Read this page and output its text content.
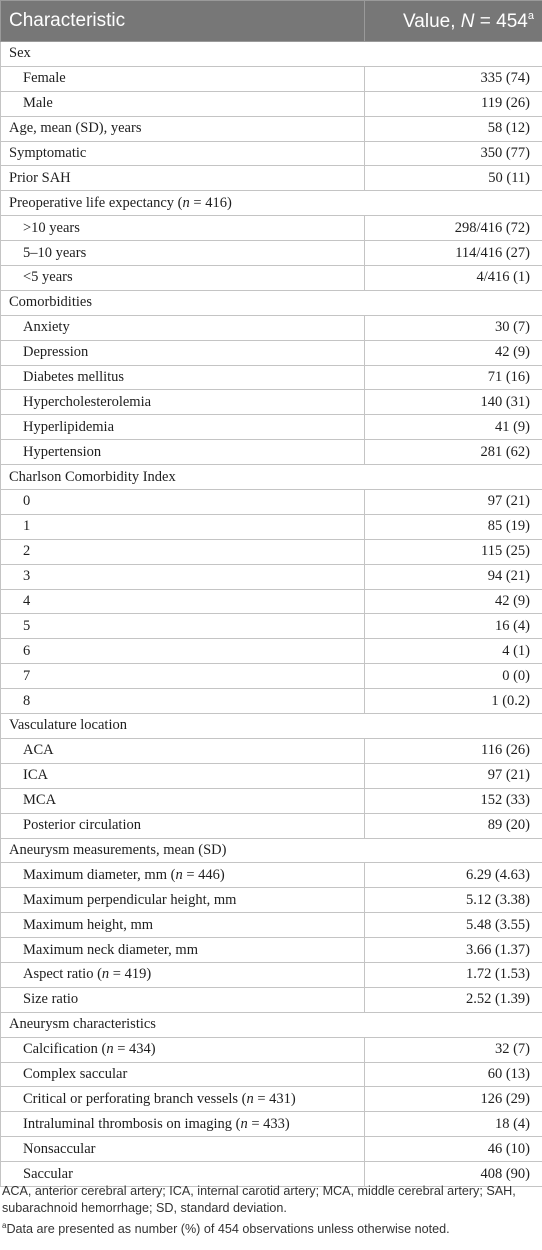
Characteristic	Value, $N = 454^a$
Sex	
Female	335 (74)
Male	119 (26)
Age, mean (SD), years	58 (12)
Symptomatic	350 (77)
Prior SAH	50 (11)
Preoperative life expectancy (n = 416)	
>10 years	298/416 (72)
5–10 years	114/416 (27)
<5 years	4/416 (1)
Comorbidities	
Anxiety	30 (7)
Depression	42 (9)
Diabetes mellitus	71 (16)
Hypercholesterolemia	140 (31)
Hyperlipidemia	41 (9)
Hypertension	281 (62)
Charlson Comorbidity Index	
0	97 (21)
1	85 (19)
2	115 (25)
3	94 (21)
4	42 (9)
5	16 (4)
6	4 (1)
7	0 (0)
8	1 (0.2)
Vasculature location	
ACA	116 (26)
ICA	97 (21)
MCA	152 (33)
Posterior circulation	89 (20)
Aneurysm measurements, mean (SD)	
Maximum diameter, mm (n = 446)	6.29 (4.63)
Maximum perpendicular height, mm	5.12 (3.38)
Maximum height, mm	5.48 (3.55)
Maximum neck diameter, mm	3.66 (1.37)
Aspect ratio (n = 419)	1.72 (1.53)
Size ratio	2.52 (1.39)
Aneurysm characteristics	
Calcification (n = 434)	32 (7)
Complex saccular	60 (13)
Critical or perforating branch vessels (n = 431)	126 (29)
Intraluminal thrombosis on imaging (n = 433)	18 (4)
Nonsaccular	46 (10)
Saccular	408 (90)

ACA, anterior cerebral artery; ICA, internal carotid artery; MCA, middle cerebral artery; SAH, subarachnoid hemorrhage; SD, standard deviation.

$^a$Data are presented as number (%) of 454 observations unless otherwise noted.
